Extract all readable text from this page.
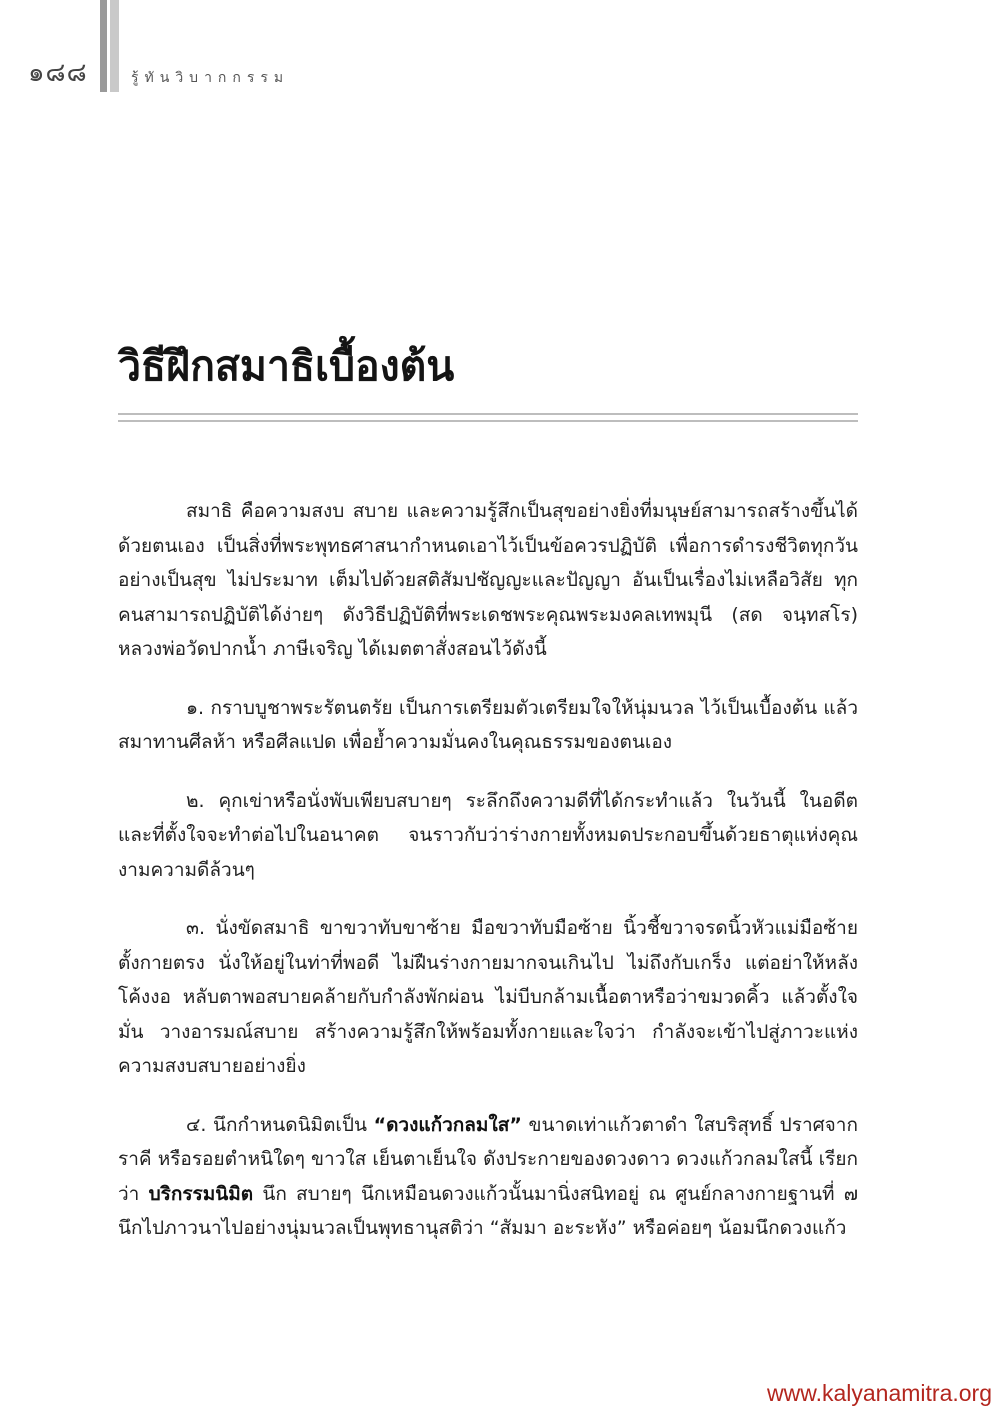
๑๘๘	รู้ทันวิบากกรรม
วิธีฝึกสมาธิเบื้องต้น

สมาธิ คือความสงบ สบาย และความรู้สึกเป็นสุขอย่างยิ่งที่มนุษย์สามารถสร้างขึ้นได้ด้วยตนเอง เป็นสิ่งที่พระพุทธศาสนากำหนดเอาไว้เป็นข้อควรปฏิบัติ เพื่อการดำรงชีวิตทุกวันอย่างเป็นสุข ไม่ประมาท เต็มไปด้วยสติสัมปชัญญะและปัญญา อันเป็นเรื่องไม่เหลือวิสัย ทุกคนสามารถปฏิบัติได้ง่ายๆ ดังวิธีปฏิบัติที่พระเดชพระคุณพระมงคลเทพมุนี (สด จนฺทสโร) หลวงพ่อวัดปากน้ำ ภาษีเจริญ ได้เมตตาสั่งสอนไว้ดังนี้

๑. กราบบูชาพระรัตนตรัย เป็นการเตรียมตัวเตรียมใจให้นุ่มนวล ไว้เป็นเบื้องต้น แล้วสมาทานศีลห้า หรือศีลแปด เพื่อย้ำความมั่นคงในคุณธรรมของตนเอง

๒. คุกเข่าหรือนั่งพับเพียบสบายๆ ระลึกถึงความดีที่ได้กระทำแล้ว ในวันนี้ ในอดีต และที่ตั้งใจจะทำต่อไปในอนาคต จนราวกับว่าร่างกายทั้งหมดประกอบขึ้นด้วยธาตุแห่งคุณงามความดีล้วนๆ

๓. นั่งขัดสมาธิ ขาขวาทับขาซ้าย มือขวาทับมือซ้าย นิ้วชี้ขวาจรดนิ้วหัวแม่มือซ้าย ตั้งกายตรง นั่งให้อยู่ในท่าที่พอดี ไม่ฝืนร่างกายมากจนเกินไป ไม่ถึงกับเกร็ง แต่อย่าให้หลังโค้งงอ หลับตาพอสบายคล้ายกับกำลังพักผ่อน ไม่บีบกล้ามเนื้อตาหรือว่าขมวดคิ้ว แล้วตั้งใจมั่น วางอารมณ์สบาย สร้างความรู้สึกให้พร้อมทั้งกายและใจว่า กำลังจะเข้าไปสู่ภาวะแห่งความสงบสบายอย่างยิ่ง

๔. นึกกำหนดนิมิตเป็น “ดวงแก้วกลมใส” ขนาดเท่าแก้วตาดำ ใสบริสุทธิ์ ปราศจากราคี หรือรอยตำหนิใดๆ ขาวใส เย็นตาเย็นใจ ดังประกายของดวงดาว ดวงแก้วกลมใสนี้ เรียกว่า บริกรรมนิมิต นึก สบายๆ นึกเหมือนดวงแก้วนั้นมานิ่งสนิทอยู่ ณ ศูนย์กลางกายฐานที่ ๗ นึกไปภาวนาไปอย่างนุ่มนวลเป็นพุทธานุสติว่า “สัมมา อะระหัง” หรือค่อยๆ น้อมนึกดวงแก้ว

www.kalyanamitra.org
